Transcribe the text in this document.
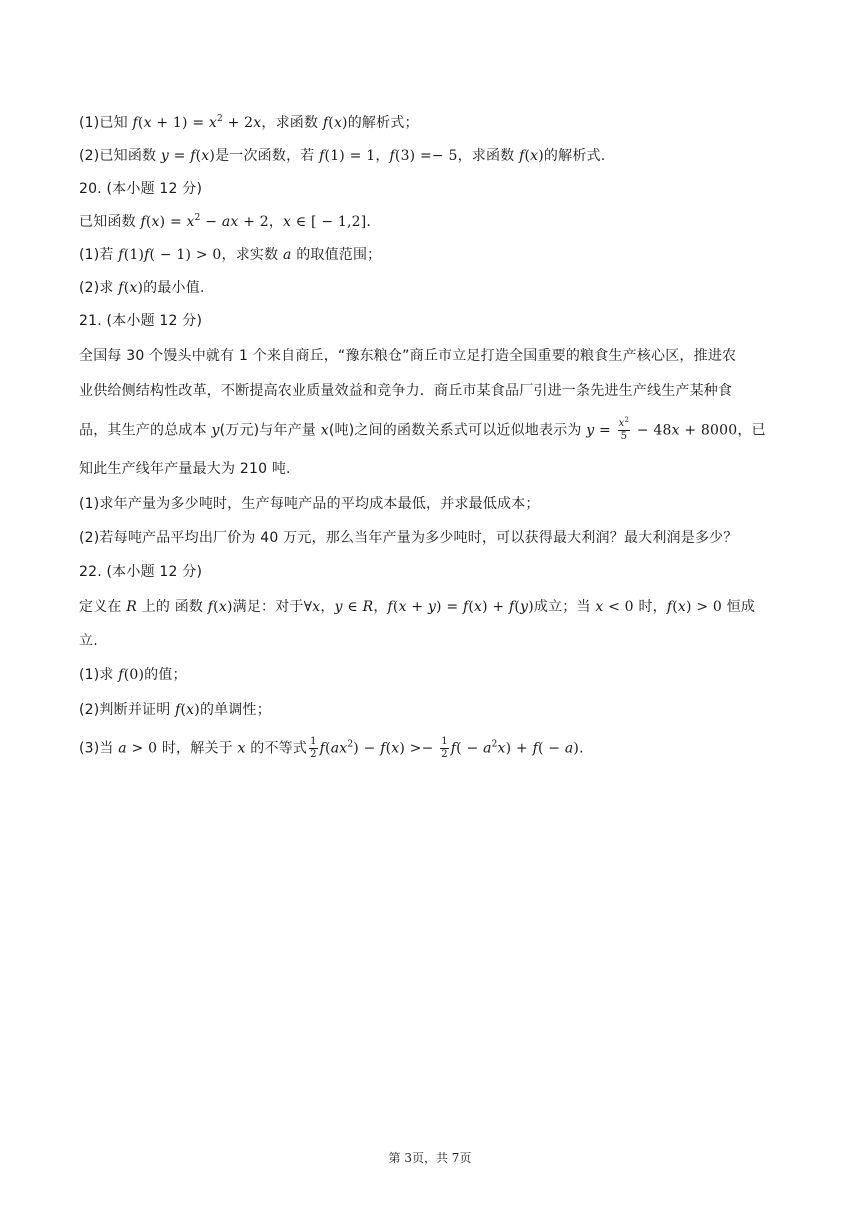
(1)已知 $f(x + 1) = x^2 + 2x$，求函数 f(x)的解析式；
(2)已知函数 y = f(x)是一次函数，若 f(1) = 1，f(3) =− 5，求函数 f(x)的解析式.
20. (本小题 12 分)
已知函数 $f(x) = x^2$ − ax + 2，x ∈ [ − 1,2].
(1)若 f(1)f( − 1) > 0，求实数 a 的取值范围；
(2)求 f(x)的最小值.
21. (本小题 12 分)
全国每 30 个馒头中就有 1 个来自商丘，“豫东粮仓”商丘市立足打造全国重要的粮食生产核心区，推进农
业供给侧结构性改革，不断提高农业质量效益和竞争力．商丘市某食品厂引进一条先进生产线生产某种食
品，其生产的总成本 y(万元)与年产量 x(吨)之间的函数关系式可以近似地表示为 $y = \frac{x^2}{5} - 48x + 8000$，已
知此生产线年产量最大为 210 吨.
(1)求年产量为多少吨时，生产每吨产品的平均成本最低，并求最低成本；
(2)若每吨产品平均出厂价为 40 万元，那么当年产量为多少吨时，可以获得最大利润？最大利润是多少？
22. (本小题 12 分)
定义在 R 上的 函数 f(x)满足：对于∀x，y ∈ R，f(x + y) = f(x) + f(y)成立；当 x < 0 时，f(x) > 0 恒成
立.
(1)求 f(0)的值；
(2)判断并证明 f(x)的单调性；
(3)当 a > 0 时，解关于 x 的不等式 $\frac{1}{2} f(ax^2) - f(x) >- \frac{1}{2} f( - a^2x) + f( - a)$.
第 3页，共 7页
